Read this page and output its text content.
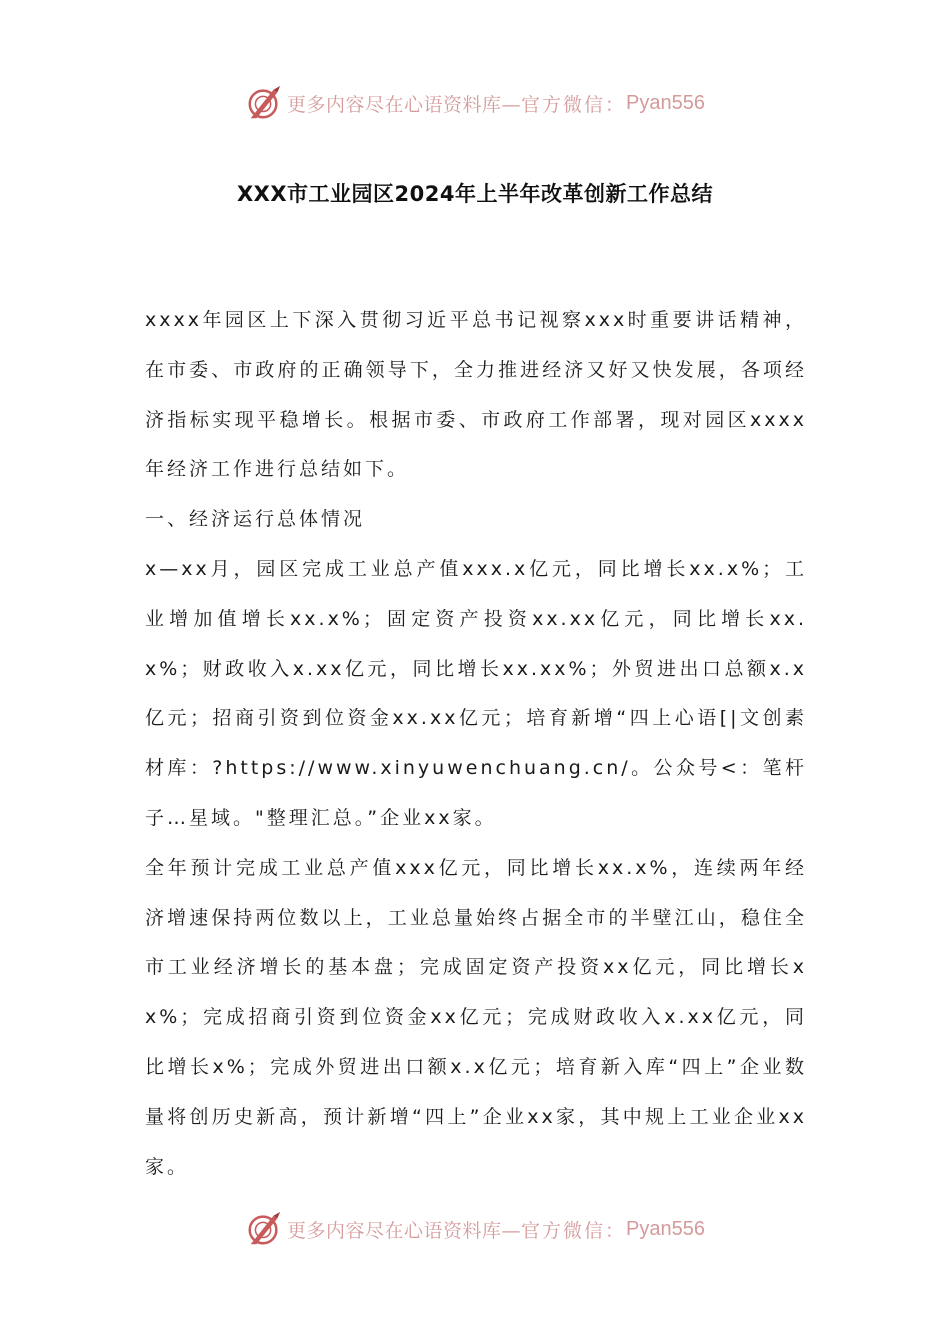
更多内容尽在心语资料库— 官方微信： Pyan556
XXX市工业园区2024年上半年改革创新工作总结

xxxx年园区上下深入贯彻习近平总书记视察xxx时重要讲话精神，在市委、市政府的正确领导下，全力推进经济又好又快发展，各项经济指标实现平稳增长。根据市委、市政府工作部署，现对园区xxxx年经济工作进行总结如下。

一、经济运行总体情况

x—xx月，园区完成工业总产值xxx.x亿元，同比增长xx.x%；工业增加值增长xx.x%；固定资产投资xx.xx亿元，同比增长xx.x%；财政收入x.xx亿元，同比增长xx.xx%；外贸进出口总额x.x亿元；招商引资到位资金xx.xx亿元；培育新增“四上心语[|文创素材库：?https://www.xinyuwenchuang.cn/。公众号<：笔杆子…星域。"整理汇总。”企业xx家。

全年预计完成工业总产值xxx亿元，同比增长xx.x%，连续两年经济增速保持两位数以上，工业总量始终占据全市的半壁江山，稳住全市工业经济增长的基本盘；完成固定资产投资xx亿元，同比增长xx%；完成招商引资到位资金xx亿元；完成财政收入x.xx亿元，同比增长x%；完成外贸进出口额x.x亿元；培育新入库“四上”企业数量将创历史新高，预计新增“四上”企业xx家，其中规上工业企业xx家。

更多内容尽在心语资料库— 官方微信： Pyan556
